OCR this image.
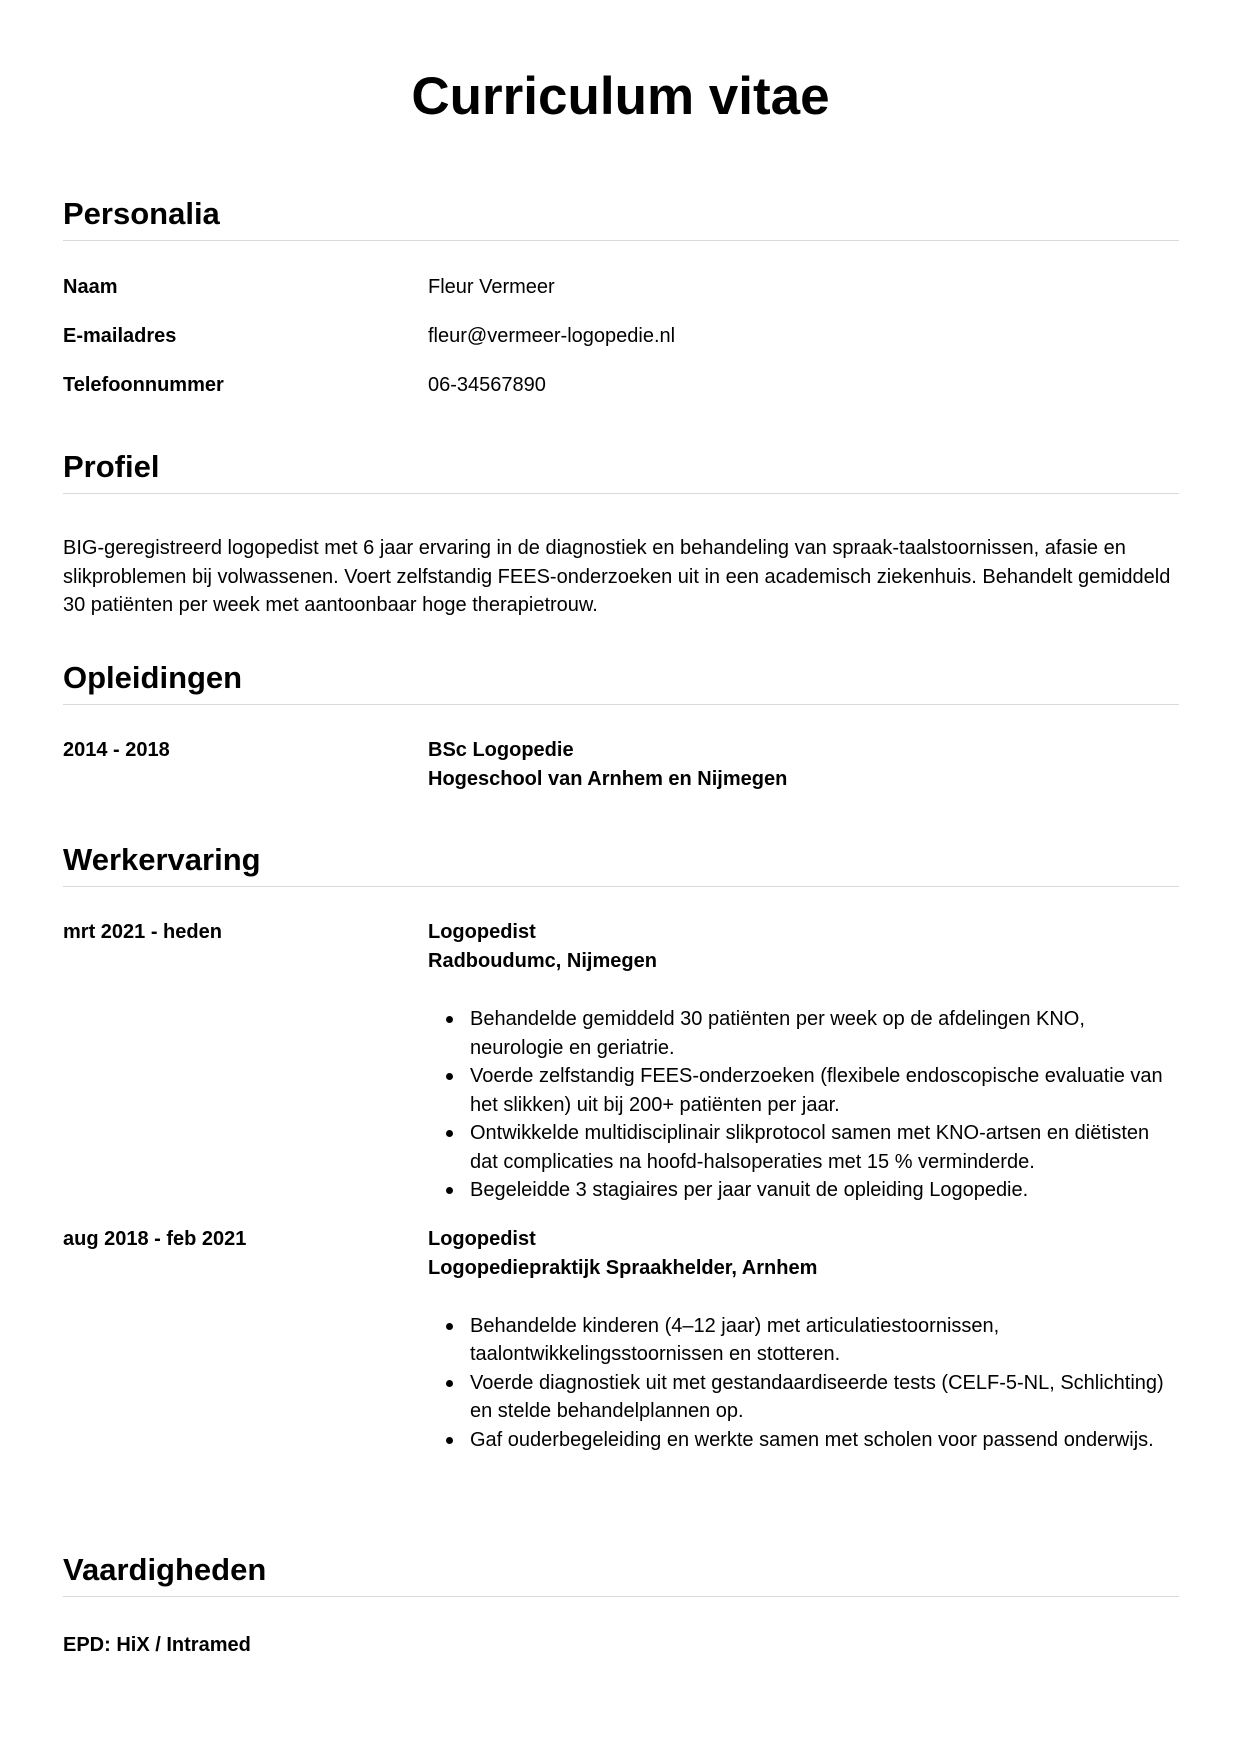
Curriculum vitae
Personalia
Naam	Fleur Vermeer
E-mailadres	fleur@vermeer-logopedie.nl
Telefoonnummer	06-34567890
Profiel

BIG-geregistreerd logopedist met 6 jaar ervaring in de diagnostiek en behandeling van spraak-taalstoornissen, afasie en slikproblemen bij volwassenen. Voert zelfstandig FEES-onderzoeken uit in een academisch ziekenhuis. Behandelt gemiddeld 30 patiënten per week met aantoonbaar hoge therapietrouw.

Opleidingen
2014 - 2018	BSc Logopedie
Hogeschool van Arnhem en Nijmegen
Werkervaring
mrt 2021 - heden	Logopedist
Radboudumc, Nijmegen
Behandelde gemiddeld 30 patiënten per week op de afdelingen KNO, neurologie en geriatrie.
Voerde zelfstandig FEES-onderzoeken (flexibele endoscopische evaluatie van het slikken) uit bij 200+ patiënten per jaar.
Ontwikkelde multidisciplinair slikprotocol samen met KNO-artsen en diëtisten dat complicaties na hoofd-halsoperaties met 15 % verminderde.
Begeleidde 3 stagiaires per jaar vanuit de opleiding Logopedie.
aug 2018 - feb 2021	Logopedist
Logopediepraktijk Spraakhelder, Arnhem
Behandelde kinderen (4–12 jaar) met articulatiestoornissen, taalontwikkelingsstoornissen en stotteren.
Voerde diagnostiek uit met gestandaardiseerde tests (CELF-5-NL, Schlichting) en stelde behandelplannen op.
Gaf ouderbegeleiding en werkte samen met scholen voor passend onderwijs.
Vaardigheden
EPD: HiX / Intramed
